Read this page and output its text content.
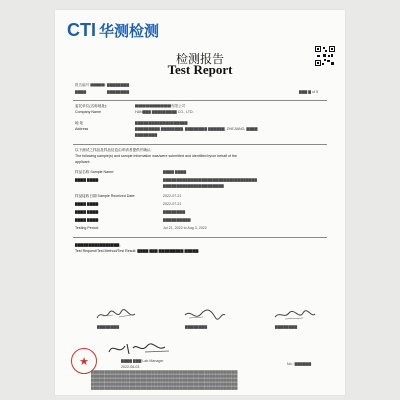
CTI 华测检测
检测报告
Test Report
报告编号 ▇▇▇▇: ▇▇▇▇▇▇▇▇
▇▇▇▇:	▇▇▇▇▇▇▇▇	▇▇▇ ▇ of 5
委托单位(名称地址):	▇▇▇▇▇▇▇▇▇▇有限公司
Company Name	HAN▇▇▇ ▇▇▇▇▇▇▇▇▇ CO., LTD.
地 址	▇▇▇▇▇▇▇▇▇▇▇▇▇▇▇▇▇▇▇
Address	▇▇▇▇▇▇▇▇▇ ▇▇▇▇▇▇▇▇, ▇▇▇▇▇▇▇▇ ▇▇▇▇▇▇, ZHEJIANG, ▇▇▇▇
▇▇▇▇▇▇▇▇
以下测试之样品及样品信息由申请者提供并确认:
The following sample(s) and sample information was/were submitted and identified by/on behalf of the
applicant:
样品名称 Sample Name:	▇▇▇▇ ▇▇▇▇
▇▇▇▇ ▇▇▇▇:	▇▇▇▇▇▇▇▇▇▇▇▇▇▇▇▇▇▇▇▇▇▇▇▇▇▇▇▇▇▇▇▇▇▇
▇▇▇▇▇▇▇▇▇▇▇▇▇▇▇▇▇▇▇▇▇▇
样品接收日期 Sample Received Date:	2022-07-21
▇▇▇▇ ▇▇▇▇:	2022-07-21
▇▇▇▇ ▇▇▇▇:	▇▇▇▇▇▇▇▇
▇▇▇▇ ▇▇▇▇:	▇▇▇▇▇▇▇▇▇▇
Testing Period:	Jul 21, 2022 to Aug 3, 2022
▇▇▇▇▇▇▇▇▇▇▇▇▇▇▇▇。
Test Request/Test Method/Test Result: ▇▇▇▇ ▇▇▇ ▇▇▇▇▇▇▇▇▇ ▇▇▇▇▇.
▇▇▇▇▇▇▇▇	▇▇▇▇▇▇▇▇	▇▇▇▇▇▇▇▇
★	▇▇▇▇ ▇▇▇ Lab Manager
2022-08-03
No.: ▇▇▇▇▇▇
▇▇▇▇▇▇▇▇▇▇▇▇▇▇▇▇▇▇▇▇▇▇▇▇▇▇▇▇▇▇▇▇▇▇▇▇▇▇▇▇▇▇▇▇▇▇▇▇▇▇▇▇▇
▇▇▇▇▇▇▇▇▇▇▇▇▇▇▇▇▇▇▇▇▇▇▇▇▇▇▇▇▇▇▇▇▇▇▇▇▇▇▇▇▇▇▇▇▇▇▇▇▇▇▇▇▇
▇▇▇▇▇▇▇▇▇▇▇▇▇▇▇▇▇▇▇▇▇▇▇▇▇▇▇▇▇▇▇▇▇▇▇▇▇▇▇▇▇▇▇▇▇▇▇▇▇▇▇▇▇
▇▇▇▇▇▇▇▇▇▇▇▇▇▇▇▇▇▇▇▇▇▇▇▇▇▇▇▇▇▇▇▇▇▇▇▇▇▇▇▇▇▇▇▇▇▇▇▇▇▇▇▇▇
▇▇▇▇▇▇▇▇▇▇▇▇▇▇▇▇▇▇▇▇▇▇▇▇▇▇▇▇▇▇▇▇▇▇▇▇▇▇▇▇▇▇▇▇▇▇▇▇▇▇▇▇▇
